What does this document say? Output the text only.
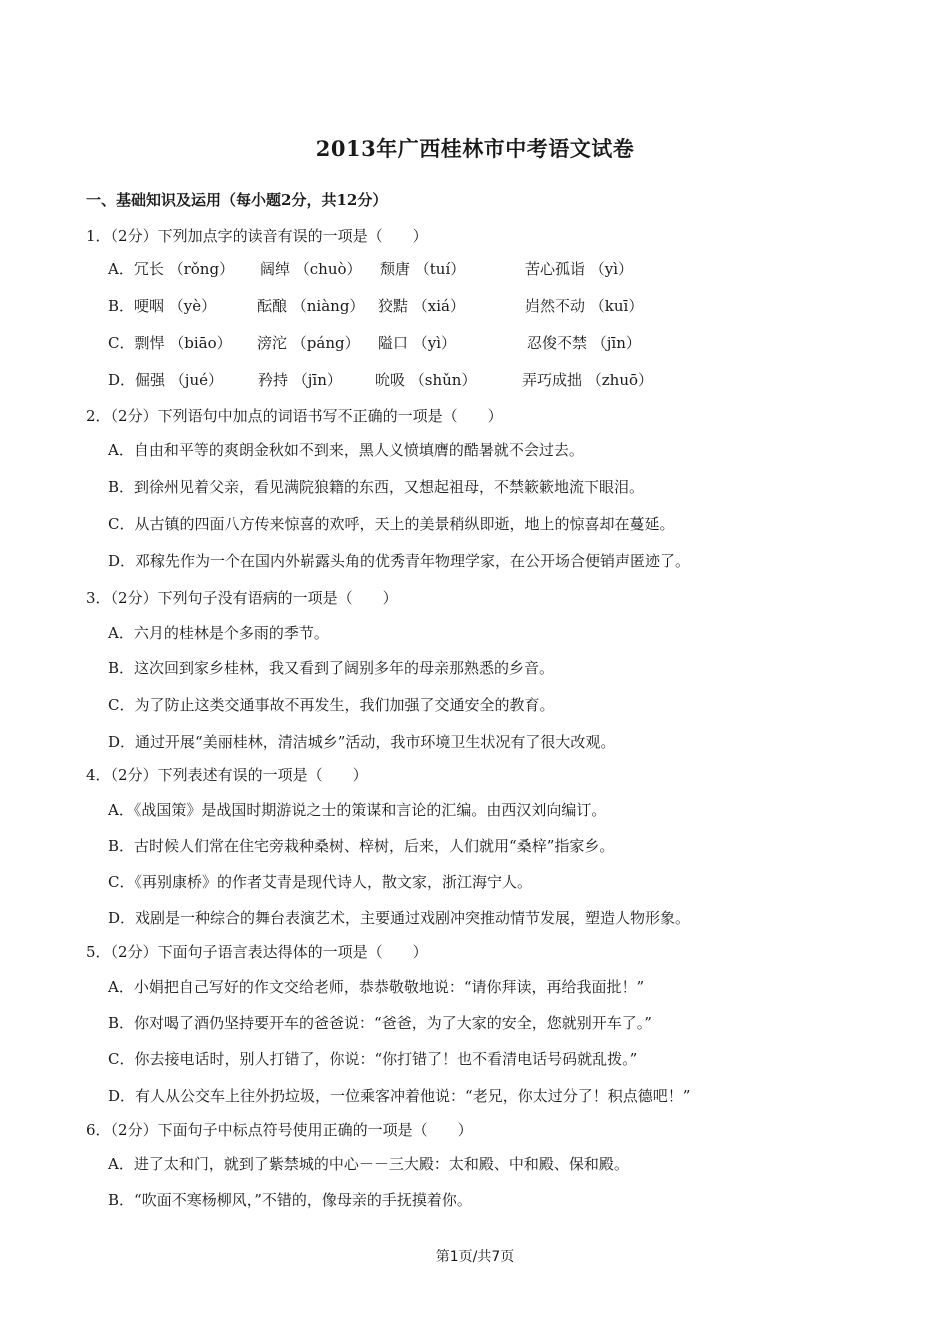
2013年广西桂林市中考语文试卷
一、基础知识及运用（每小题2分，共12分）
1．（2分）下列加点字的读音有误的一项是（　　）
A．冗长 （rǒng） 阔绰 （chuò） 颓唐 （tuí）	苦心孤诣 （yì）
B．哽咽 （yè）	酝酿 （niàng） 狡黠 （xiá）	岿然不动 （kuī）
C．剽悍 （biāo） 滂沱 （páng） 隘口 （yì）	忍俊不禁 （jīn）
D．倔强 （jué） 矜持 （jīn） 吮吸 （shǔn）	弄巧成拙 （zhuō）
2．（2分）下列语句中加点的词语书写不正确的一项是（　　）
A．自由和平等的爽朗金秋如不到来，黑人义愤填膺的酷暑就不会过去。
B．到徐州见着父亲，看见满院狼籍的东西，又想起祖母，不禁簌簌地流下眼泪。
C．从古镇的四面八方传来惊喜的欢呼，天上的美景稍纵即逝，地上的惊喜却在蔓延。
D．邓稼先作为一个在国内外崭露头角的优秀青年物理学家，在公开场合便销声匿迹了。
3．（2分）下列句子没有语病的一项是（　　）
A．六月的桂林是个多雨的季节。
B．这次回到家乡桂林，我又看到了阔别多年的母亲那熟悉的乡音。
C．为了防止这类交通事故不再发生，我们加强了交通安全的教育。
D．通过开展“美丽桂林，清洁城乡”活动，我市环境卫生状况有了很大改观。
4．（2分）下列表述有误的一项是（　　）
A．《战国策》是战国时期游说之士的策谋和言论的汇编。由西汉刘向编订。
B．古时候人们常在住宅旁栽种桑树、梓树，后来，人们就用“桑梓”指家乡。
C．《再别康桥》的作者艾青是现代诗人，散文家，浙江海宁人。
D．戏剧是一种综合的舞台表演艺术，主要通过戏剧冲突推动情节发展，塑造人物形象。
5．（2分）下面句子语言表达得体的一项是（　　）
A．小娟把自己写好的作文交给老师，恭恭敬敬地说：“请你拜读，再给我面批！”
B．你对喝了酒仍坚持要开车的爸爸说：“爸爸，为了大家的安全，您就别开车了。”
C．你去接电话时，别人打错了，你说：“你打错了！也不看清电话号码就乱拨。”
D．有人从公交车上往外扔垃圾，一位乘客冲着他说：“老兄，你太过分了！积点德吧！”
6．（2分）下面句子中标点符号使用正确的一项是（　　）
A．进了太和门，就到了紫禁城的中心－－三大殿：太和殿、中和殿、保和殿。
B．“吹面不寒杨柳风，”不错的，像母亲的手抚摸着你。
第1页/共7页
